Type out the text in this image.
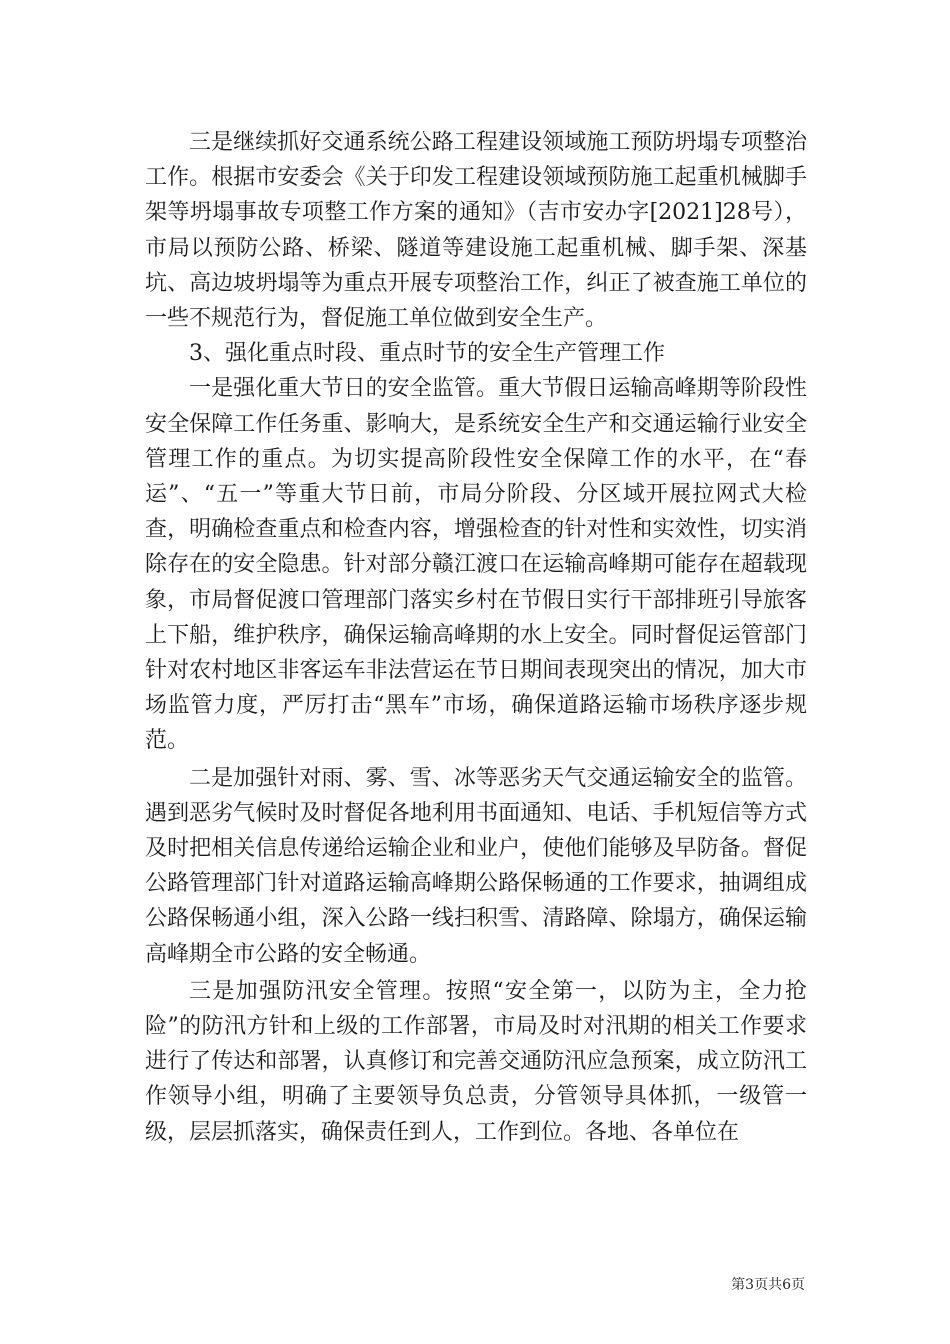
三是继续抓好交通系统公路工程建设领域施工预防坍塌专项整治工作。根据市安委会《关于印发工程建设领域预防施工起重机械脚手架等坍塌事故专项整工作方案的通知》（吉市安办字[2021]28号），市局以预防公路、桥梁、隧道等建设施工起重机械、脚手架、深基坑、高边坡坍塌等为重点开展专项整治工作，纠正了被查施工单位的一些不规范行为，督促施工单位做到安全生产。

3、强化重点时段、重点时节的安全生产管理工作

一是强化重大节日的安全监管。重大节假日运输高峰期等阶段性安全保障工作任务重、影响大，是系统安全生产和交通运输行业安全管理工作的重点。为切实提高阶段性安全保障工作的水平，在“春运”、“五一”等重大节日前，市局分阶段、分区域开展拉网式大检查，明确检查重点和检查内容，增强检查的针对性和实效性，切实消除存在的安全隐患。针对部分赣江渡口在运输高峰期可能存在超载现象，市局督促渡口管理部门落实乡村在节假日实行干部排班引导旅客上下船，维护秩序，确保运输高峰期的水上安全。同时督促运管部门针对农村地区非客运车非法营运在节日期间表现突出的情况，加大市场监管力度，严厉打击“黑车”市场，确保道路运输市场秩序逐步规范。

二是加强针对雨、雾、雪、冰等恶劣天气交通运输安全的监管。遇到恶劣气候时及时督促各地利用书面通知、电话、手机短信等方式及时把相关信息传递给运输企业和业户，使他们能够及早防备。督促公路管理部门针对道路运输高峰期公路保畅通的工作要求，抽调组成公路保畅通小组，深入公路一线扫积雪、清路障、除塌方，确保运输高峰期全市公路的安全畅通。

三是加强防汛安全管理。按照“安全第一，以防为主，全力抢险”的防汛方针和上级的工作部署，市局及时对汛期的相关工作要求进行了传达和部署，认真修订和完善交通防汛应急预案，成立防汛工作领导小组，明确了主要领导负总责，分管领导具体抓，一级管一级，层层抓落实，确保责任到人，工作到位。各地、各单位在

第3页共6页
